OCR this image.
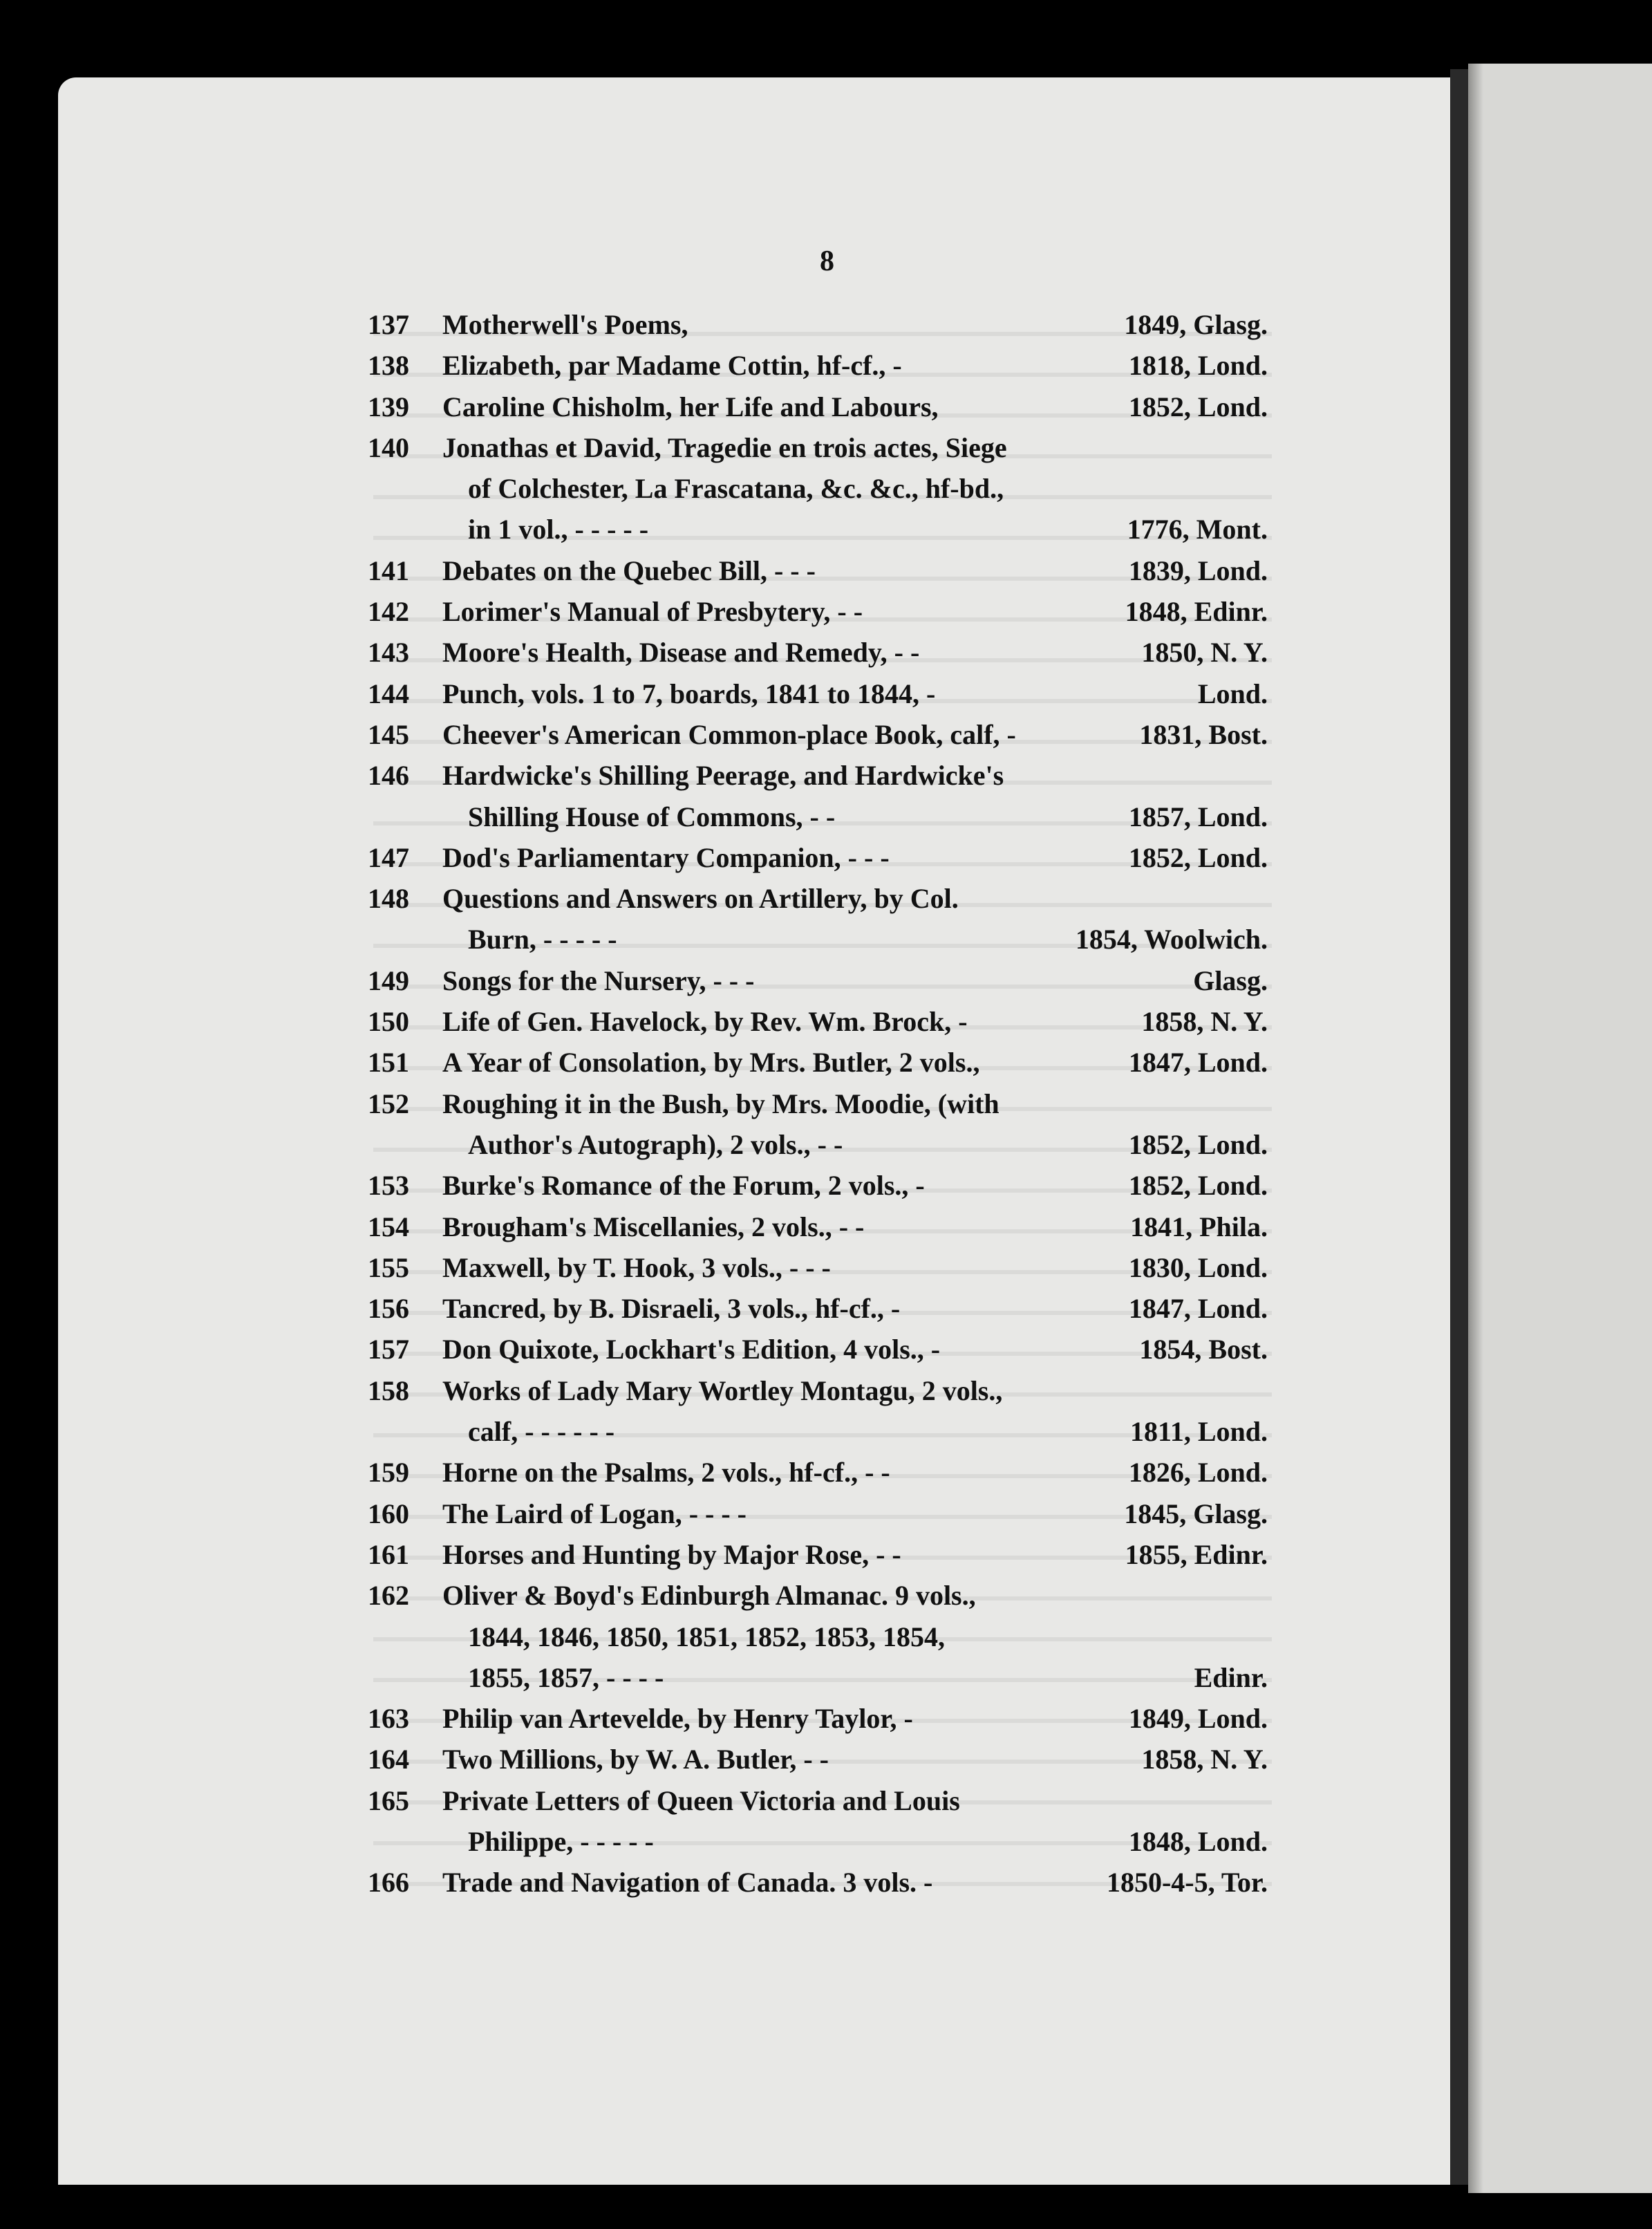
8
137	Motherwell's Poems,	1849, Glasg.
138	Elizabeth, par Madame Cottin, hf-cf., -	1818, Lond.
139	Caroline Chisholm, her Life and Labours,	1852, Lond.
140	Jonathas et David, Tragedie en trois actes, Siege
of Colchester, La Frascatana, &c. &c., hf-bd.,
in 1 vol., - - - - -	1776, Mont.
141	Debates on the Quebec Bill, - - -	1839, Lond.
142	Lorimer's Manual of Presbytery, - -	1848, Edinr.
143	Moore's Health, Disease and Remedy, - -	1850, N. Y.
144	Punch, vols. 1 to 7, boards, 1841 to 1844, -	Lond.
145	Cheever's American Common-place Book, calf, -	1831, Bost.
146	Hardwicke's Shilling Peerage, and Hardwicke's
Shilling House of Commons, - -	1857, Lond.
147	Dod's Parliamentary Companion, - - -	1852, Lond.
148	Questions and Answers on Artillery, by Col.
Burn, - - - - -	1854, Woolwich.
149	Songs for the Nursery, - - -	Glasg.
150	Life of Gen. Havelock, by Rev. Wm. Brock, -	1858, N. Y.
151	A Year of Consolation, by Mrs. Butler, 2 vols.,	1847, Lond.
152	Roughing it in the Bush, by Mrs. Moodie, (with
Author's Autograph), 2 vols., - -	1852, Lond.
153	Burke's Romance of the Forum, 2 vols., -	1852, Lond.
154	Brougham's Miscellanies, 2 vols., - -	1841, Phila.
155	Maxwell, by T. Hook, 3 vols., - - -	1830, Lond.
156	Tancred, by B. Disraeli, 3 vols., hf-cf., -	1847, Lond.
157	Don Quixote, Lockhart's Edition, 4 vols., -	1854, Bost.
158	Works of Lady Mary Wortley Montagu, 2 vols.,
calf, - - - - - -	1811, Lond.
159	Horne on the Psalms, 2 vols., hf-cf., - -	1826, Lond.
160	The Laird of Logan, - - - -	1845, Glasg.
161	Horses and Hunting by Major Rose, - -	1855, Edinr.
162	Oliver & Boyd's Edinburgh Almanac. 9 vols.,
1844, 1846, 1850, 1851, 1852, 1853, 1854,
1855, 1857, - - - -	Edinr.
163	Philip van Artevelde, by Henry Taylor, -	1849, Lond.
164	Two Millions, by W. A. Butler, - -	1858, N. Y.
165	Private Letters of Queen Victoria and Louis
Philippe, - - - - -	1848, Lond.
166	Trade and Navigation of Canada. 3 vols. -	1850-4-5, Tor.
